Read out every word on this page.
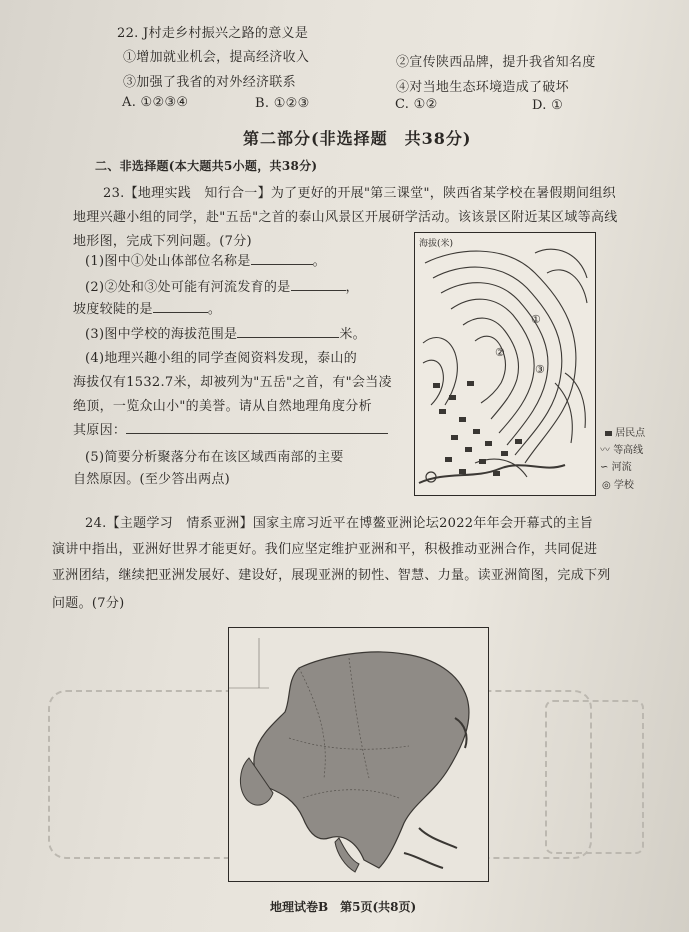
22. J村走乡村振兴之路的意义是
①增加就业机会，提高经济收入	②宣传陕西品牌，提升我省知名度
③加强了我省的对外经济联系	④对当地生态环境造成了破坏
A. ①②③④	B. ①②③	C. ①②	D. ①
第二部分(非选择题　共38分)
二、非选择题(本大题共5小题，共38分)
23.【地理实践　知行合一】为了更好的开展"第三课堂"，陕西省某学校在暑假期间组织
地理兴趣小组的同学，赴"五岳"之首的泰山风景区开展研学活动。该该景区附近某区域等高线
地形图，完成下列问题。(7分)
(1)图中①处山体部位名称是	。
(2)②处和③处可能有河流发育的是	，
坡度较陡的是	。
(3)图中学校的海拔范围是	米。
(4)地理兴趣小组的同学查阅资料发现，泰山的
海拔仅有1532.7米，却被列为"五岳"之首，有"会当凌
绝顶，一览众山小"的美誉。请从自然地理角度分析
其原因：
(5)简要分析聚落分布在该区域西南部的主要
自然原因。(至少答出两点)
海拔(米)
①
②
③
居民点
〰 等高线
∽ 河流
◎ 学校
24.【主题学习　情系亚洲】国家主席习近平在博鳌亚洲论坛2022年年会开幕式的主旨
演讲中指出，亚洲好世界才能更好。我们应坚定维护亚洲和平，积极推动亚洲合作，共同促进
亚洲团结，继续把亚洲发展好、建设好，展现亚洲的韧性、智慧、力量。读亚洲简图，完成下列
问题。(7分)
地理试卷B　第5页(共8页)
